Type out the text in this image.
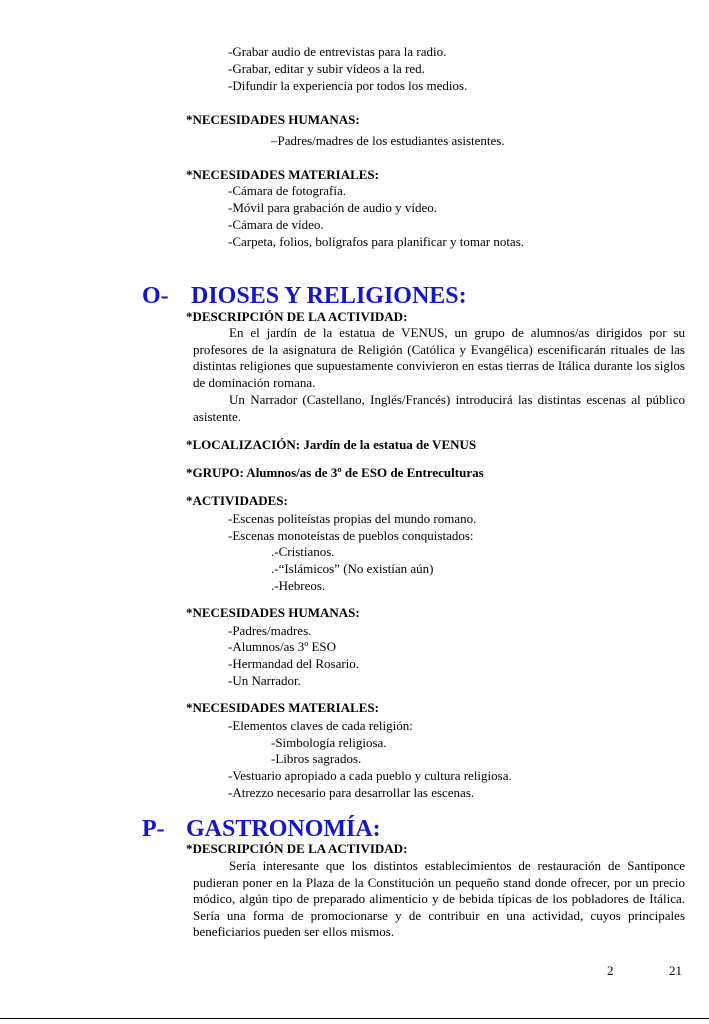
-Grabar audio de entrevistas para la radio.
-Grabar, editar y subir vídeos a la red.
-Difundir la experiencia por todos los medios.
*NECESIDADES HUMANAS:
–Padres/madres de los estudiantes asistentes.
*NECESIDADES MATERIALES:
-Cámara de fotografía.
-Móvil para grabación de audio y vídeo.
-Cámara de vídeo.
-Carpeta, folios, bolígrafos para planificar y tomar notas.
O- DIOSES Y RELIGIONES:
*DESCRIPCIÓN DE LA ACTIVIDAD:
En el jardín de la estatua de VENUS, un grupo de alumnos/as dirigidos por su profesores de la asignatura de Religión (Católica y Evangélica) escenificarán rituales de las distintas religiones que supuestamente convivieron en estas tierras de Itálica durante los siglos de dominación romana.
Un Narrador (Castellano, Inglés/Francés) introducirá las distintas escenas al público asistente.
*LOCALIZACIÓN: Jardín de la estatua de VENUS
*GRUPO: Alumnos/as de 3º de ESO de Entreculturas
*ACTIVIDADES:
-Escenas politeístas propias del mundo romano.
-Escenas monoteístas de pueblos conquistados:
.-Cristianos.
.-“Islámicos” (No existían aún)
.-Hebreos.
*NECESIDADES HUMANAS:
-Padres/madres.
-Alumnos/as 3º ESO
-Hermandad del Rosario.
-Un Narrador.
*NECESIDADES MATERIALES:
-Elementos claves de cada religión:
-Simbología religiosa.
-Libros sagrados.
-Vestuario apropiado a cada pueblo y cultura religiosa.
-Atrezzo necesario para desarrollar las escenas.
P- GASTRONOMÍA:
*DESCRIPCIÓN DE LA ACTIVIDAD:
Sería interesante que los distintos establecimientos de restauración de Santiponce pudieran poner en la Plaza de la Constitución un pequeño stand donde ofrecer, por un precio módico, algún tipo de preparado alimenticio y de bebida típicas de los pobladores de Itálica. Sería una forma de promocionarse y de contribuir en una actividad, cuyos principales beneficiarios pueden ser ellos mismos.
2	21
